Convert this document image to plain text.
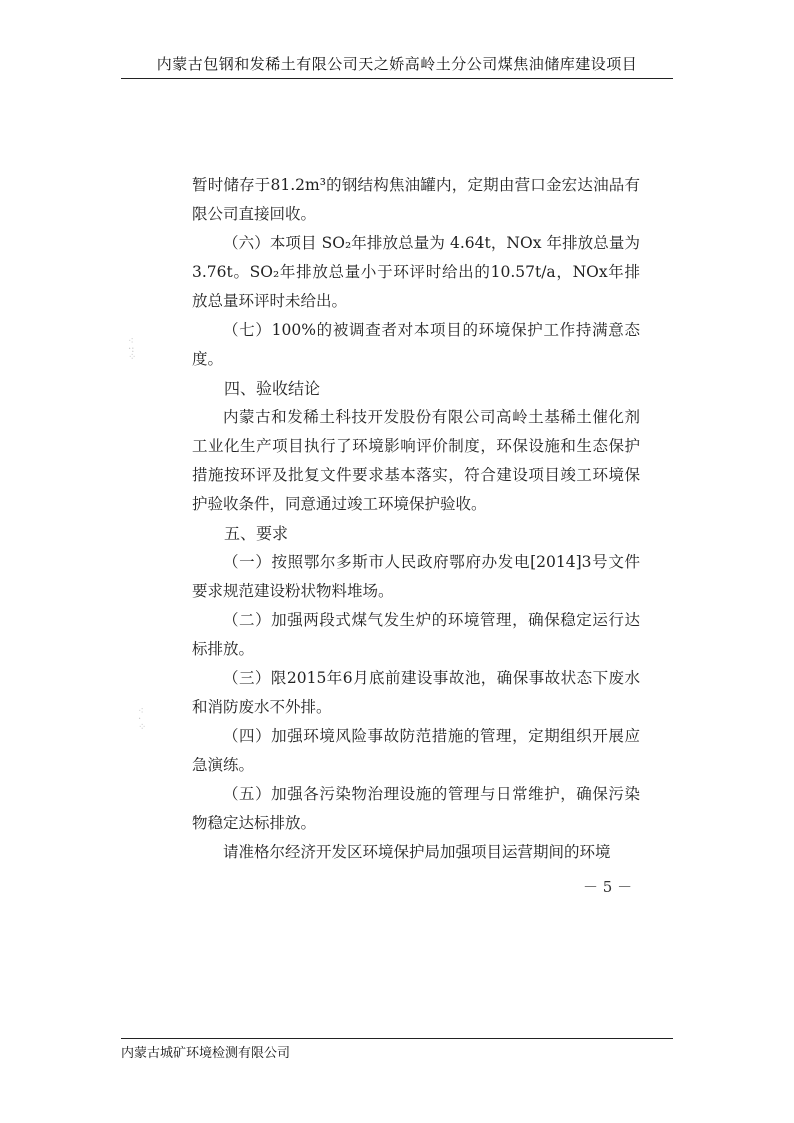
内蒙古包钢和发稀土有限公司天之娇高岭土分公司煤焦油储库建设项目
⁖
·:
⁘
⁖
·
⁘

暂时储存于81.2m³的钢结构焦油罐内，定期由营口金宏达油品有限公司直接回收。

（六）本项目 SO₂年排放总量为 4.64t，NOx 年排放总量为3.76t。SO₂年排放总量小于环评时给出的10.57t/a，NOx年排放总量环评时未给出。

（七）100%的被调查者对本项目的环境保护工作持满意态度。

四、验收结论

内蒙古和发稀土科技开发股份有限公司高岭土基稀土催化剂工业化生产项目执行了环境影响评价制度，环保设施和生态保护措施按环评及批复文件要求基本落实，符合建设项目竣工环境保护验收条件，同意通过竣工环境保护验收。

五、要求

（一）按照鄂尔多斯市人民政府鄂府办发电[2014]3号文件要求规范建设粉状物料堆场。

（二）加强两段式煤气发生炉的环境管理，确保稳定运行达标排放。

（三）限2015年6月底前建设事故池，确保事故状态下废水和消防废水不外排。

（四）加强环境风险事故防范措施的管理，定期组织开展应急演练。

（五）加强各污染物治理设施的管理与日常维护，确保污染物稳定达标排放。

请准格尔经济开发区环境保护局加强项目运营期间的环境

－ 5 －
内蒙古城矿环境检测有限公司
